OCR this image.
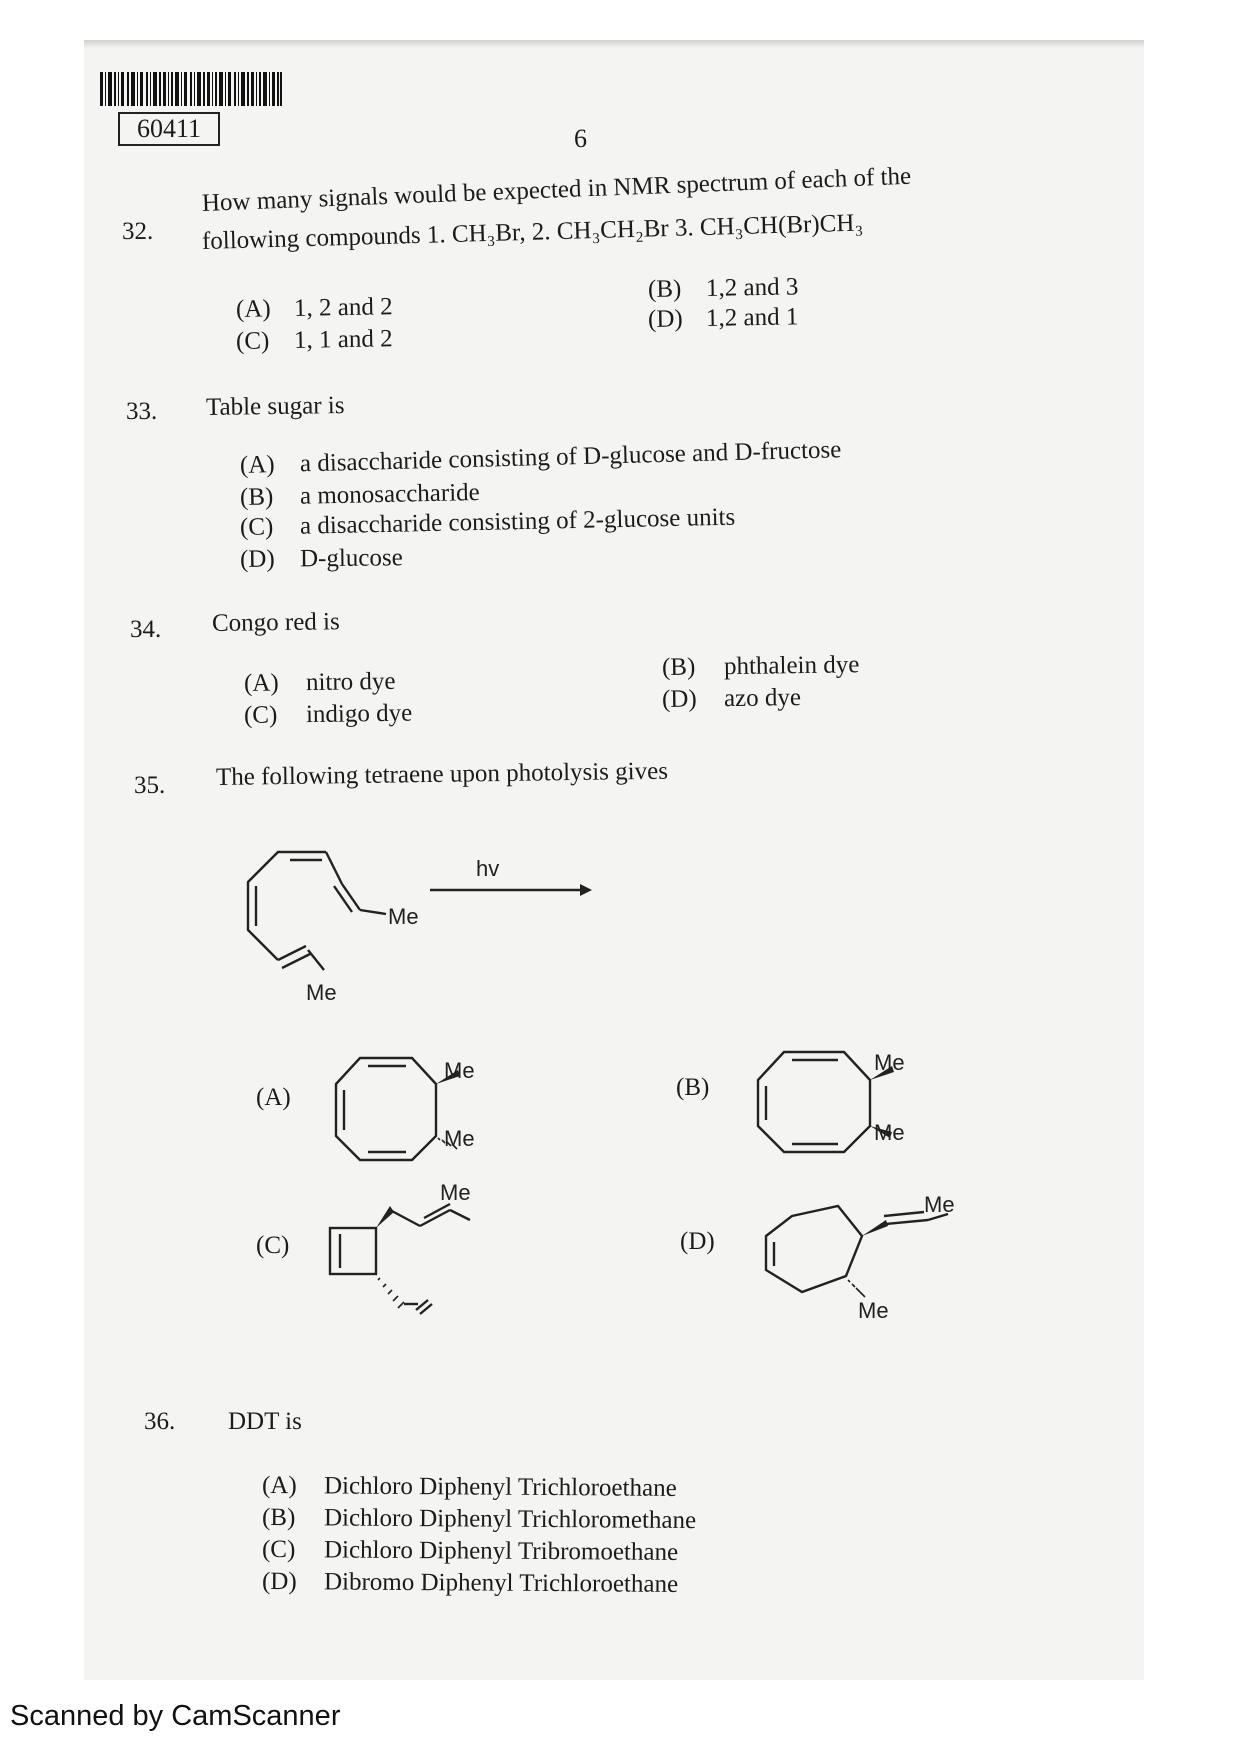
60411	6
32.
How many signals would be expected in NMR spectrum of each of the
following compounds 1. CH₃Br, 2. CH₃CH₂Br 3. CH₃CH(Br)CH₃
(A) 1, 2 and 2
(B) 1,2 and 3
(C) 1, 1 and 2
(D) 1,2 and 1
33. Table sugar is
(A) a disaccharide consisting of D-glucose and D-fructose
(B) a monosaccharide
(C) a disaccharide consisting of 2-glucose units
(D) D-glucose
34. Congo red is
(A) nitro dye
(B) phthalein dye
(C) indigo dye
(D) azo dye
35. The following tetraene upon photolysis gives
Me
Me
hv
(A)
Me
Me
(B)
Me
Me
(C)
Me
(D)
Me
Me
36. DDT is
(A) Dichloro Diphenyl Trichloroethane
(B) Dichloro Diphenyl Trichloromethane
(C) Dichloro Diphenyl Tribromoethane
(D) Dibromo Diphenyl Trichloroethane
Scanned by CamScanner
